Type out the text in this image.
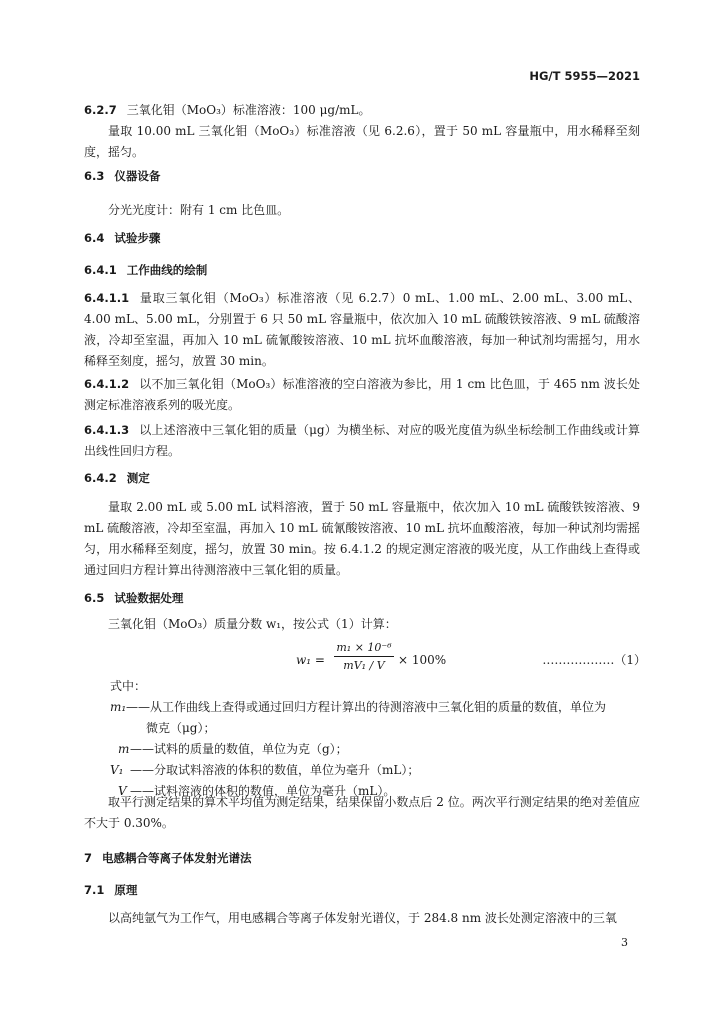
HG/T 5955—2021

6.2.7 三氧化钼（MoO₃）标准溶液：100 μg/mL。

量取 10.00 mL 三氧化钼（MoO₃）标准溶液（见 6.2.6），置于 50 mL 容量瓶中，用水稀释至刻度，摇匀。

6.3 仪器设备

分光光度计：附有 1 cm 比色皿。

6.4 试验步骤

6.4.1 工作曲线的绘制

6.4.1.1 量取三氧化钼（MoO₃）标准溶液（见 6.2.7）0 mL、1.00 mL、2.00 mL、3.00 mL、4.00 mL、5.00 mL，分别置于 6 只 50 mL 容量瓶中，依次加入 10 mL 硫酸铁铵溶液、9 mL 硫酸溶液，冷却至室温，再加入 10 mL 硫氰酸铵溶液、10 mL 抗坏血酸溶液，每加一种试剂均需摇匀，用水稀释至刻度，摇匀，放置 30 min。

6.4.1.2 以不加三氧化钼（MoO₃）标准溶液的空白溶液为参比，用 1 cm 比色皿，于 465 nm 波长处测定标准溶液系列的吸光度。

6.4.1.3 以上述溶液中三氧化钼的质量（μg）为横坐标、对应的吸光度值为纵坐标绘制工作曲线或计算出线性回归方程。

6.4.2 测定

量取 2.00 mL 或 5.00 mL 试料溶液，置于 50 mL 容量瓶中，依次加入 10 mL 硫酸铁铵溶液、9 mL 硫酸溶液，冷却至室温，再加入 10 mL 硫氰酸铵溶液、10 mL 抗坏血酸溶液，每加一种试剂均需摇匀，用水稀释至刻度，摇匀，放置 30 min。按 6.4.1.2 的规定测定溶液的吸光度，从工作曲线上查得或通过回归方程计算出待测溶液中三氧化钼的质量。

6.5 试验数据处理

三氧化钼（MoO₃）质量分数 w₁，按公式（1）计算：

w₁ =
m₁ × 10⁻⁶
mV₁ / V	× 100%	………………（1）
式中：
m₁ ——从工作曲线上查得或通过回归方程计算出的待测溶液中三氧化钼的质量的数值，单位为
微克（μg）；
m ——试料的质量的数值，单位为克（g）；
V₁ ——分取试料溶液的体积的数值，单位为毫升（mL）；
V ——试料溶液的体积的数值，单位为毫升（mL）。

取平行测定结果的算术平均值为测定结果，结果保留小数点后 2 位。两次平行测定结果的绝对差值应不大于 0.30%。

7 电感耦合等离子体发射光谱法

7.1 原理

以高纯氩气为工作气，用电感耦合等离子体发射光谱仪，于 284.8 nm 波长处测定溶液中的三氧

3
